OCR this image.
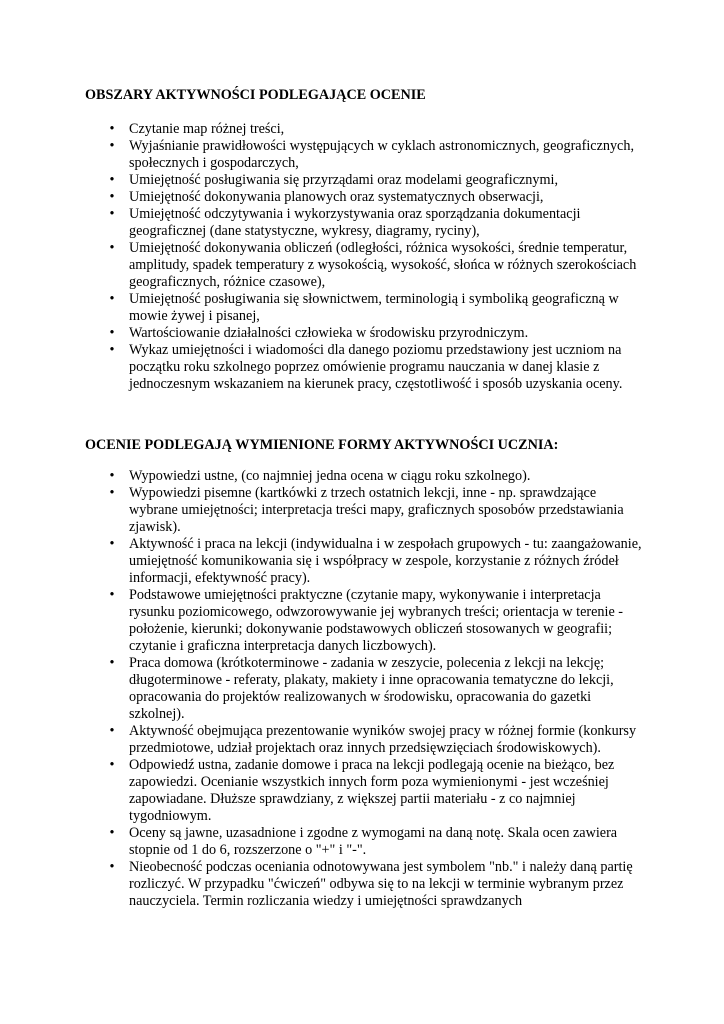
OBSZARY AKTYWNOŚCI PODLEGAJĄCE OCENIE
•
Czytanie map różnej treści,
•
Wyjaśnianie prawidłowości występujących w cyklach astronomicznych, geograficznych, społecznych i gospodarczych,
•
Umiejętność posługiwania się przyrządami oraz modelami geograficznymi,
•
Umiejętność dokonywania planowych oraz systematycznych obserwacji,
•
Umiejętność odczytywania i wykorzystywania oraz sporządzania dokumentacji geograficznej (dane statystyczne, wykresy, diagramy, ryciny),
•
Umiejętność dokonywania obliczeń (odległości, różnica wysokości, średnie temperatur, amplitudy, spadek temperatury z wysokością, wysokość, słońca w różnych szerokościach geograficznych, różnice czasowe),
•
Umiejętność posługiwania się słownictwem, terminologią i symboliką geograficzną w mowie żywej i pisanej,
•
Wartościowanie działalności człowieka w środowisku przyrodniczym.
•
Wykaz umiejętności i wiadomości dla danego poziomu przedstawiony jest uczniom na początku roku szkolnego poprzez omówienie programu nauczania w danej klasie z jednoczesnym wskazaniem na kierunek pracy, częstotliwość i sposób uzyskania oceny.
OCENIE PODLEGAJĄ WYMIENIONE FORMY AKTYWNOŚCI UCZNIA:
•
Wypowiedzi ustne, (co najmniej jedna ocena w ciągu roku szkolnego).
•
Wypowiedzi pisemne (kartkówki z trzech ostatnich lekcji, inne - np. sprawdzające wybrane umiejętności; interpretacja treści mapy, graficznych sposobów przedstawiania zjawisk).
•
Aktywność i praca na lekcji (indywidualna i w zespołach grupowych - tu: zaangażowanie, umiejętność komunikowania się i współpracy w zespole, korzystanie z różnych źródeł informacji, efektywność pracy).
•
Podstawowe umiejętności praktyczne (czytanie mapy, wykonywanie i interpretacja rysunku poziomicowego, odwzorowywanie jej wybranych treści; orientacja w terenie - położenie, kierunki; dokonywanie podstawowych obliczeń stosowanych w geografii; czytanie i graficzna interpretacja danych liczbowych).
•
Praca domowa (krótkoterminowe - zadania w zeszycie, polecenia z lekcji na lekcję; długoterminowe - referaty, plakaty, makiety i inne opracowania tematyczne do lekcji, opracowania do projektów realizowanych w środowisku, opracowania do gazetki szkolnej).
•
Aktywność obejmująca prezentowanie wyników swojej pracy w różnej formie (konkursy przedmiotowe, udział projektach oraz innych przedsięwzięciach środowiskowych).
•
Odpowiedź ustna, zadanie domowe i praca na lekcji podlegają ocenie na bieżąco, bez zapowiedzi. Ocenianie wszystkich innych form poza wymienionymi - jest wcześniej zapowiadane. Dłuższe sprawdziany, z większej partii materiału - z co najmniej tygodniowym.
•
Oceny są jawne, uzasadnione i zgodne z wymogami na daną notę. Skala ocen zawiera stopnie od 1 do 6, rozszerzone o "+" i "-".
•
Nieobecność podczas oceniania odnotowywana jest symbolem "nb." i należy daną partię rozliczyć. W przypadku "ćwiczeń" odbywa się to na lekcji w terminie wybranym przez nauczyciela. Termin rozliczania wiedzy i umiejętności sprawdzanych
